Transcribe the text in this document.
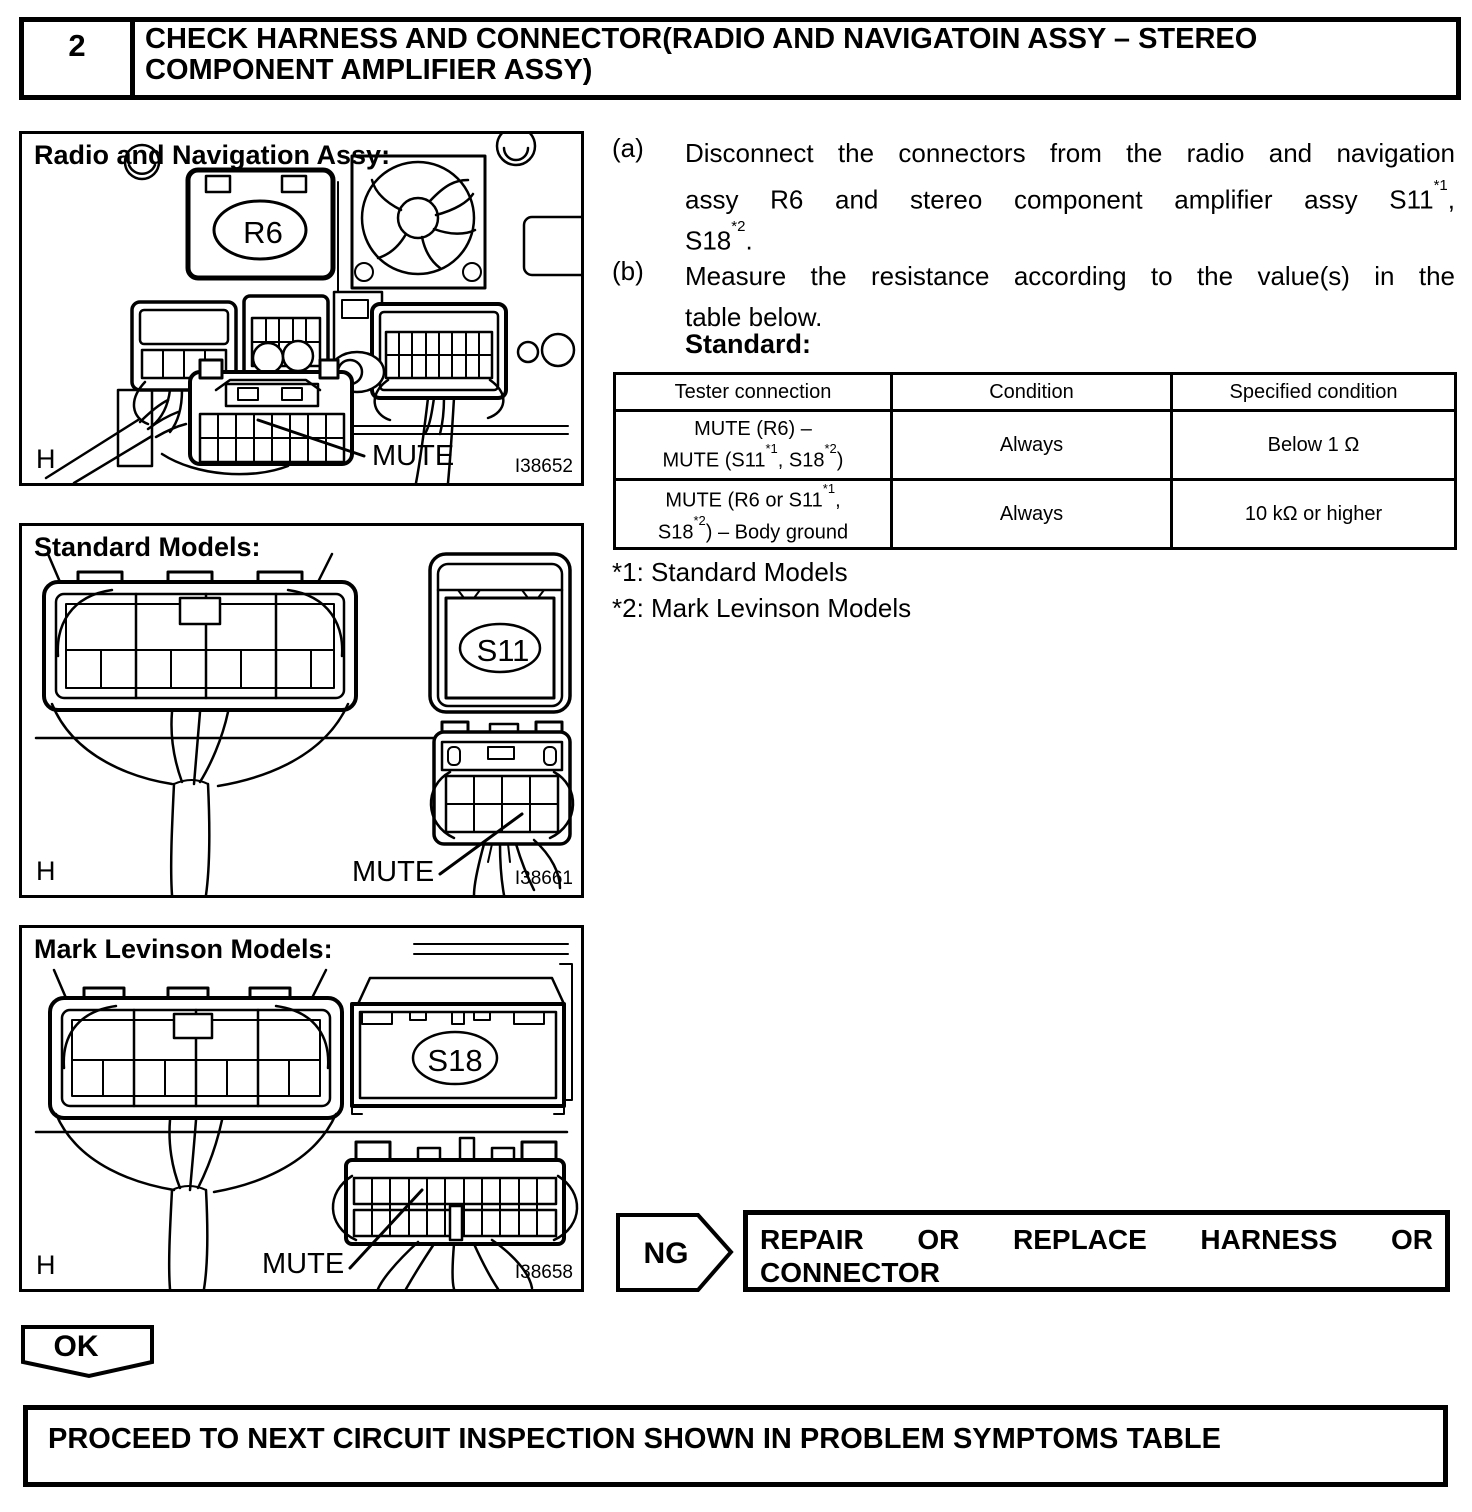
2	CHECK HARNESS AND CONNECTOR(RADIO AND NAVIGATOIN ASSY – STEREO COMPONENT AMPLIFIER ASSY)
Radio and Navigation Assy:
R6
MUTE
H	I38652
Standard Models:
S11
MUTE
H	I38661
Mark Levinson Models:
S18
MUTE
H	I38658
(a) Disconnect the connectors from the radio and navigation
assy R6 and stereo component amplifier assy S11$^{*1}$,
S18$^{*2}$.
(b) Measure the resistance according to the value(s) in the
table below.
Standard:
Tester connection	Condition	Specified condition

MUTE (R6) –
MUTE (S11$^{*1}$, S18$^{*2}$)	Always	Below 1 Ω

MUTE (R6 or S11$^{*1}$,
S18$^{*2}$) – Body ground	Always	10 kΩ or higher
*1: Standard Models
*2: Mark Levinson Models
NG	REPAIR OR REPLACE HARNESS OR
CONNECTOR
OK
PROCEED TO NEXT CIRCUIT INSPECTION SHOWN IN PROBLEM SYMPTOMS TABLE
